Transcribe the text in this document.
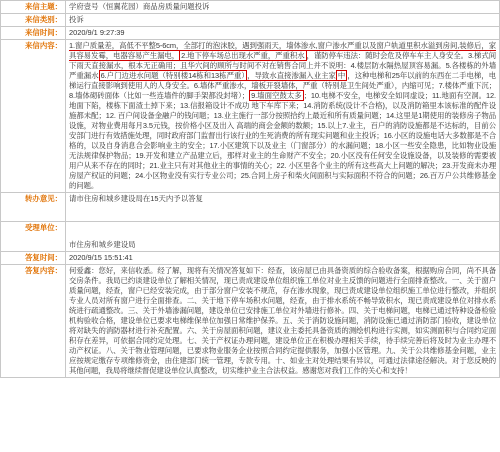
来信主题：	学府壹号（恒翼花园）商品房质量问题投诉
来信类别：	投诉
来信时间：	2020/9/1 9:27:39
来信内容：	1.窗户质量差，高低不平整5-6cm，全部打的泡沫胶，遇到强雨天，墙体渗水,窗户渗水严重以及窗户轨道里积水溢到房间,装修后，家具容易发霉，电器容易产生漏电， 2.地下停车场总出现水严重，严重积水 ，谨防停车违法：随时会危及停车车主人身安全。3.梯式间下雨天直接漏水，根本无正确用；且华穴间的顾所与时间不对在销售合同上并不说明：4.楼层防水隔热屋顶容易漏。5.各楼栋的外墙严重漏水 6.户门边进水问题（特别楼14栋和13栋严重） ，导致水直接渗漏入业主家 中 ，这种电梯和25年以前的东西在二手电梯，电梯运行直接影响到使用人的人身安全。6.墙体严重渗水，墙板开裂墙体，严重（特别是卫生间处严重），内缩可见；7.楼体严重下沉；8.墙体砌砖面体（比如一些连墙件的脚手架都没封堵）； 9.墙面空鼓太多 ；10.电梯不安全，电梯安全如同虚设；11.地面有空洞。12.地面下陷，楼栋下面渣土掉下来；13.信报箱设计不成功 地下车库下来；14.消防系统(设计不合格)，以及消防箱里本该标准的配件设施都未配；12. 百户间设备金融户的钱问题；13.业主施行一部分按照拾约上最近和所有质量问题；14.这里是1期使用的装修房子物品设施，对物业费用每月3.5元钱，按价格小区及出入 高端的商会金额的数额；15.以上7.业主，百户的消防设施都是不达标的，目前公安部门进行有效措施处理，同时政府部门监督出行该行业的生死消费的所有现实问题和业主投诉；16.小区的设施电话大多数都是不合格的，以及自身消息合会影响业主的安全；17.小区建筑下以及业主（门窗部分）的水漏问题；18.小区一些安全隐患，比如物业设施无法规律保护物品；19.开发和建立产品建立后，那样对业主的生命财产不安全；20.小区没有任何安全设施设备，以及装修的需要被用户从来不存在的同时；21.业主只有对其他业主的事情的关心；22. 小区里各个业主的所有这些高大上问题的解决；23.开发商未办理房屋产权证的问题；24.小区物业没有实行专业公司；25.合同上房子和柴火间面积与实际面积不符合的问题；26.百万户公共维修基金的问题。
转办意见：	请市住房和城乡建设局在15天内予以答复

受理单位：	市住房和城乡建设局

答复时间：	2020/9/15 15:51:41
答复内容：	何爱鑫：您好，来信收悉。经了解，现将有关情况答复如下：经查，该房屋已由具备资质的综合验收备案，根据购房合同，尚不具备交房条件。我局已约谈建设单位了解相关情况，现已责成建设单位组织施工单位对业主反馈的问题进行全面排查整改。一、关于窗户质量问题，经查，窗户已经安装完成，由于部分窗户安装不规范，存在渗水现象，现已责成建设单位组织施工单位进行整改，并组织专业人员对所有窗户进行全面排查。二、关于地下停车场积水问题，经查，由于排水系统不畅导致积水，现已责成建设单位对排水系统进行疏通整改。三、关于外墙渗漏问题，建设单位已安排施工单位对外墙进行修补。四、关于电梯问题，电梯已通过特种设备检验机构验收合格，建设单位已要求电梯维保单位加强日常维护保养。五、关于消防设施问题，消防设施已通过消防部门验收，建设单位将对缺失的消防器材进行补充配置。六、关于房屋面积问题，建议业主委托具备资质的测绘机构进行实测，如实测面积与合同约定面积存在差异，可依据合同约定处理。七、关于产权证办理问题，建设单位正在积极办理相关手续，待手续完善后将及时为业主办理不动产权证。八、关于物业管理问题，已要求物业服务企业按照合同约定提供服务，加强小区管理。九、关于公共维修基金问题，业主应按规定缴存专项维修资金，由住建部门统一管理，专款专用。十、如业主对处理结果有异议，可通过法律途径解决。对于您反映的其他问题，我局将继续督促建设单位认真整改，切实维护业主合法权益。感谢您对我们工作的关心和支持！
